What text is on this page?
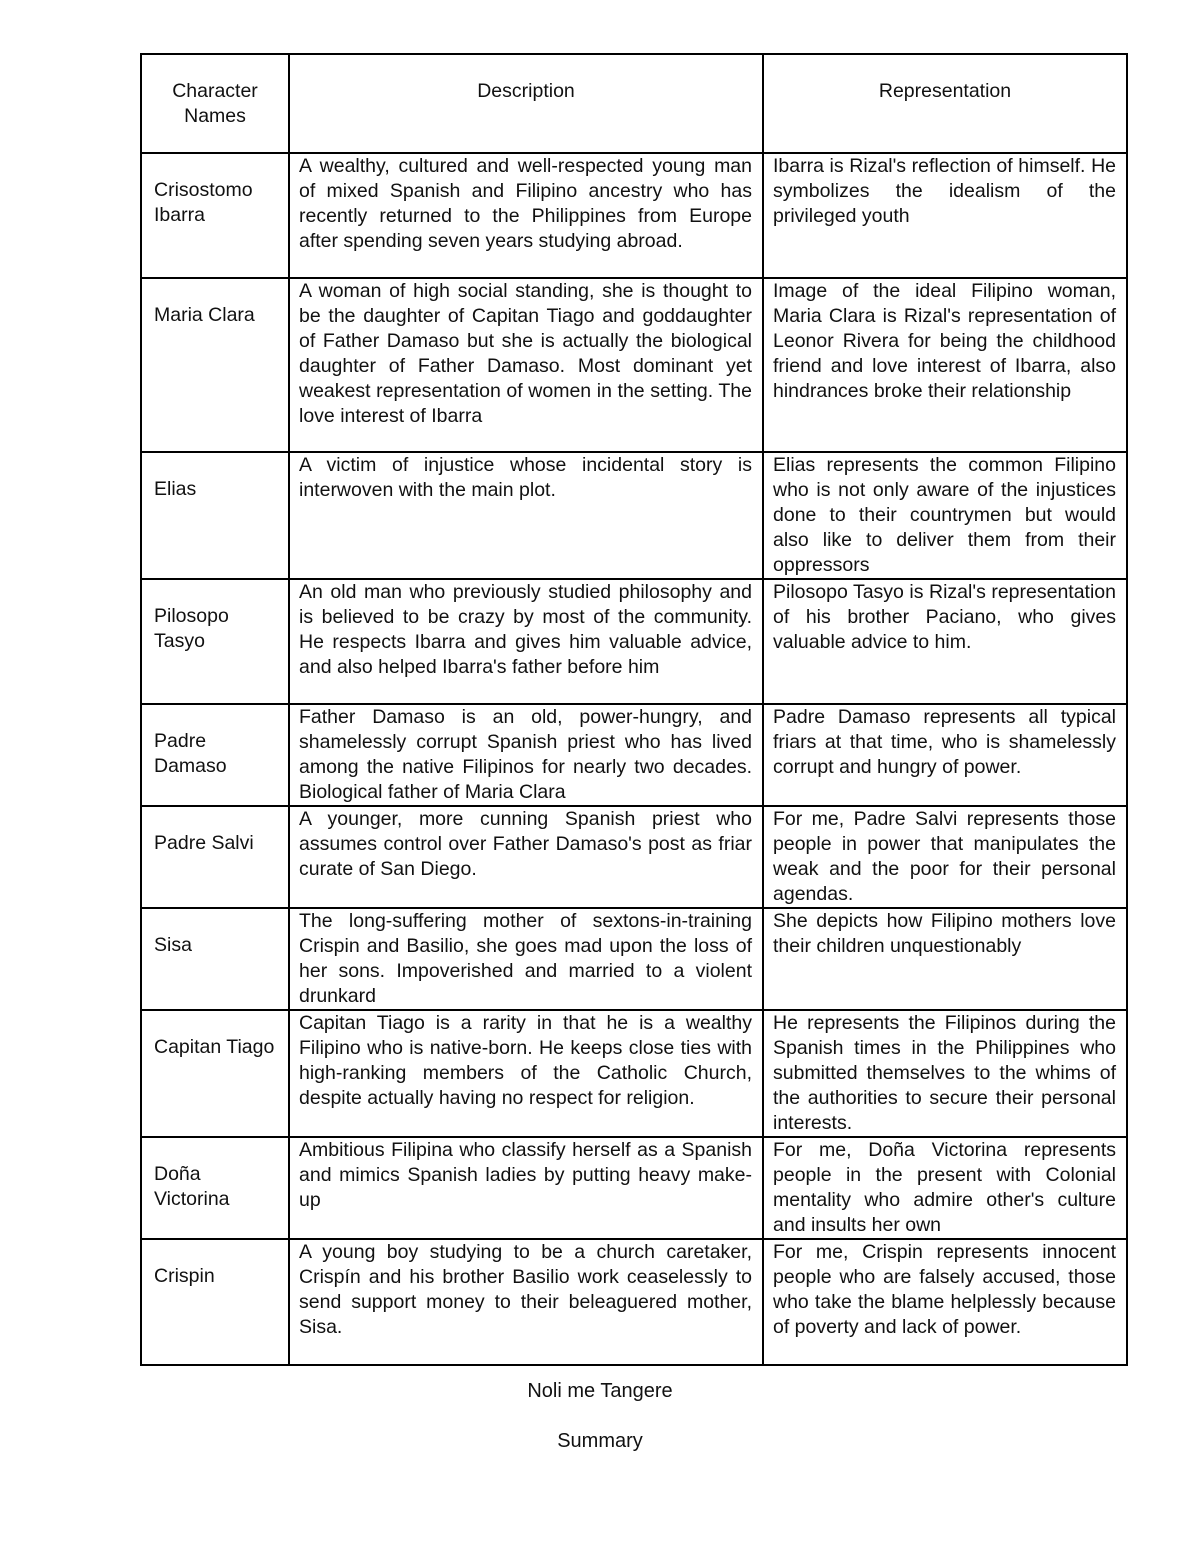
Character Names	Description	Representation
Crisostomo Ibarra	A wealthy, cultured and well-respected young man of mixed Spanish and Filipino ancestry who has recently returned to the Philippines from Europe after spending seven years studying abroad.	Ibarra is Rizal's reflection of himself. He symbolizes the idealism of the privileged youth
Maria Clara	A woman of high social standing, she is thought to be the daughter of Capitan Tiago and goddaughter of Father Damaso but she is actually the biological daughter of Father Damaso. Most dominant yet weakest representation of women in the setting. The love interest of Ibarra	Image of the ideal Filipino woman, Maria Clara is Rizal's representation of Leonor Rivera for being the childhood friend and love interest of Ibarra, also hindrances broke their relationship
Elias	A victim of injustice whose incidental story is interwoven with the main plot.	Elias represents the common Filipino who is not only aware of the injustices done to their countrymen but would also like to deliver them from their oppressors
Pilosopo Tasyo	An old man who previously studied philosophy and is believed to be crazy by most of the community. He respects Ibarra and gives him valuable advice, and also helped Ibarra's father before him	Pilosopo Tasyo is Rizal's representation of his brother Paciano, who gives valuable advice to him.
Padre Damaso	Father Damaso is an old, power-hungry, and shamelessly corrupt Spanish priest who has lived among the native Filipinos for nearly two decades. Biological father of Maria Clara	Padre Damaso represents all typical friars at that time, who is shamelessly corrupt and hungry of power.
Padre Salvi	A younger, more cunning Spanish priest who assumes control over Father Damaso's post as friar curate of San Diego.	For me, Padre Salvi represents those people in power that manipulates the weak and the poor for their personal agendas.
Sisa	The long-suffering mother of sextons-in-training Crispin and Basilio, she goes mad upon the loss of her sons. Impoverished and married to a violent drunkard	She depicts how Filipino mothers love their children unquestionably
Capitan Tiago	Capitan Tiago is a rarity in that he is a wealthy Filipino who is native-born. He keeps close ties with high-ranking members of the Catholic Church, despite actually having no respect for religion.	He represents the Filipinos during the Spanish times in the Philippines who submitted themselves to the whims of the authorities to secure their personal interests.
Doña Victorina	Ambitious Filipina who classify herself as a Spanish and mimics Spanish ladies by putting heavy make-up	For me, Doña Victorina represents people in the present with Colonial mentality who admire other's culture and insults her own
Crispin	A young boy studying to be a church caretaker, Crispín and his brother Basilio work ceaselessly to send support money to their beleaguered mother, Sisa.	For me, Crispin represents innocent people who are falsely accused, those who take the blame helplessly because of poverty and lack of power.
Noli me Tangere
Summary
